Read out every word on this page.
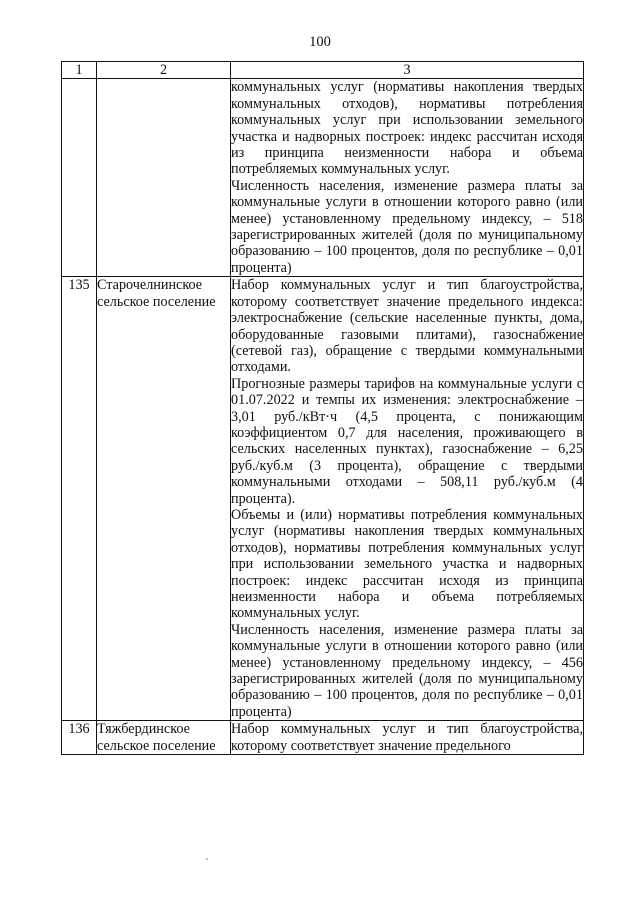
100
1	2	3

		коммунальных услуг (нормативы накопления твердых коммунальных отходов), нормативы потребления коммунальных услуг при использовании земельного участка и надворных построек: индекс рассчитан исходя из принципа неизменности набора и объема потребляемых коммунальных услуг.

Численность населения, изменение размера платы за коммунальные услуги в отношении которого равно (или менее) установленному предельному индексу, – 518 зарегистрированных жителей (доля по муниципальному образованию – 100 процентов, доля по республике – 0,01 процента)

135	Старочелнинское сельское поселение	Набор коммунальных услуг и тип благоустройства, которому соответствует значение предельного индекса: электроснабжение (сельские населенные пункты, дома, оборудованные газовыми плитами), газоснабжение (сетевой газ), обращение с твердыми коммунальными отходами.

Прогнозные размеры тарифов на коммунальные услуги с 01.07.2022 и темпы их изменения: электроснабжение – 3,01 руб./кВт·ч (4,5 процента, с понижающим коэффициентом 0,7 для населения, проживающего в сельских населенных пунктах), газоснабжение – 6,25 руб./куб.м (3 процента), обращение с твердыми коммунальными отходами – 508,11 руб./куб.м (4 процента).

Объемы и (или) нормативы потребления коммунальных услуг (нормативы накопления твердых коммунальных отходов), нормативы потребления коммунальных услуг при использовании земельного участка и надворных построек: индекс рассчитан исходя из принципа неизменности набора и объема потребляемых коммунальных услуг.

Численность населения, изменение размера платы за коммунальные услуги в отношении которого равно (или менее) установленному предельному индексу, – 456 зарегистрированных жителей (доля по муниципальному образованию – 100 процентов, доля по республике – 0,01 процента)

136	Тяжбердинское сельское поселение	Набор коммунальных услуг и тип благоустройства, которому соответствует значение предельного
